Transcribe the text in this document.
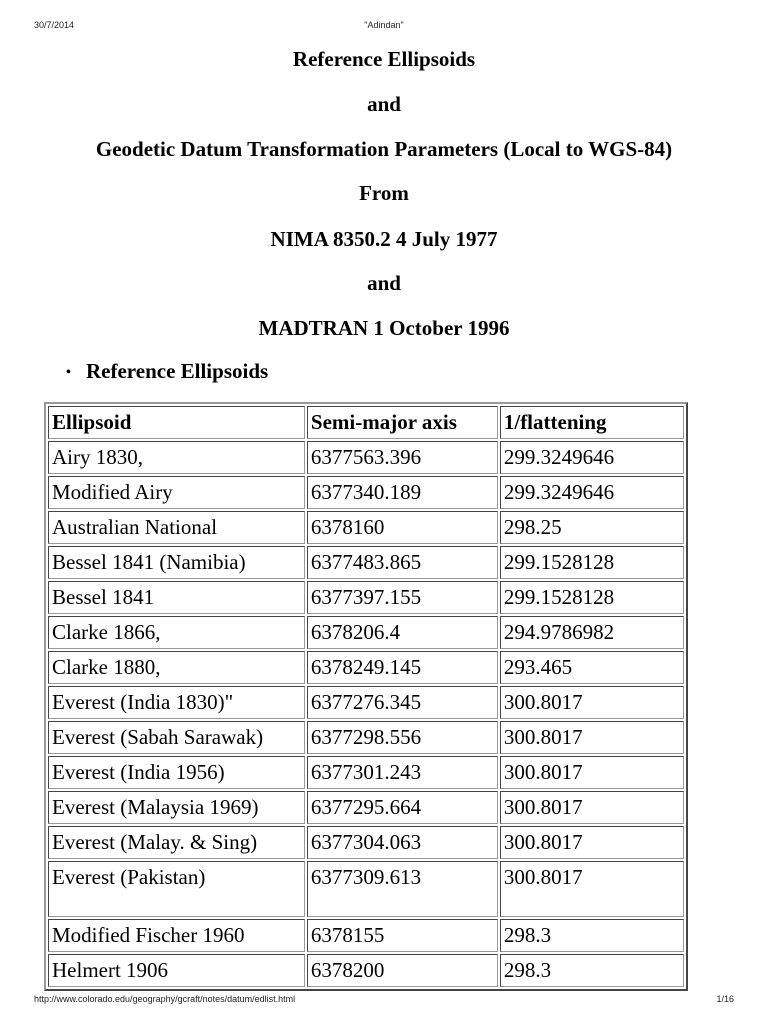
30/7/2014	"Adindan"
Reference Ellipsoids
and
Geodetic Datum Transformation Parameters (Local to WGS-84)
From
NIMA 8350.2 4 July 1977
and
MADTRAN 1 October 1996
• Reference Ellipsoids
Ellipsoid	Semi-major axis	1/flattening
Airy 1830,	6377563.396	299.3249646
Modified Airy	6377340.189	299.3249646
Australian National	6378160	298.25
Bessel 1841 (Namibia)	6377483.865	299.1528128
Bessel 1841	6377397.155	299.1528128
Clarke 1866,	6378206.4	294.9786982
Clarke 1880,	6378249.145	293.465
Everest (India 1830)"	6377276.345	300.8017
Everest (Sabah Sarawak)	6377298.556	300.8017
Everest (India 1956)	6377301.243	300.8017
Everest (Malaysia 1969)	6377295.664	300.8017
Everest (Malay. & Sing)	6377304.063	300.8017
Everest (Pakistan)	6377309.613	300.8017
Modified Fischer 1960	6378155	298.3
Helmert 1906	6378200	298.3
http://www.colorado.edu/geography/gcraft/notes/datum/edlist.html	1/16
